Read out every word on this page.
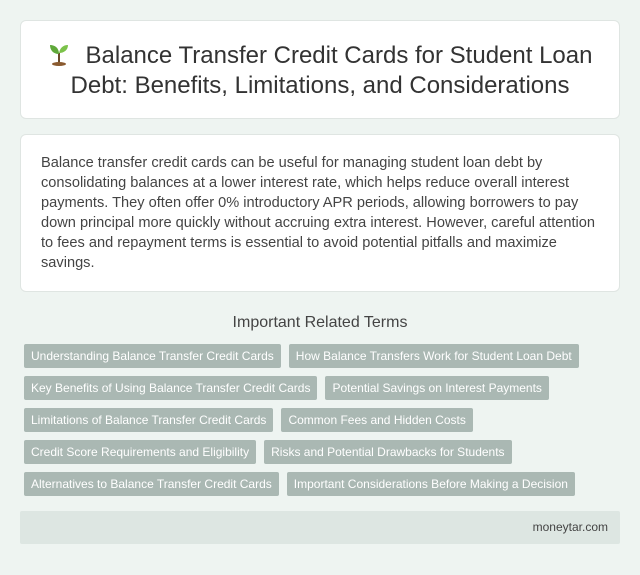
Balance Transfer Credit Cards for Student Loan Debt: Benefits, Limitations, and Considerations

Balance transfer credit cards can be useful for managing student loan debt by consolidating balances at a lower interest rate, which helps reduce overall interest payments. They often offer 0% introductory APR periods, allowing borrowers to pay down principal more quickly without accruing extra interest. However, careful attention to fees and repayment terms is essential to avoid potential pitfalls and maximize savings.

Important Related Terms
Understanding Balance Transfer Credit Cards	How Balance Transfers Work for Student Loan Debt
Key Benefits of Using Balance Transfer Credit Cards	Potential Savings on Interest Payments
Limitations of Balance Transfer Credit Cards	Common Fees and Hidden Costs
Credit Score Requirements and Eligibility	Risks and Potential Drawbacks for Students
Alternatives to Balance Transfer Credit Cards	Important Considerations Before Making a Decision
moneytar.com
